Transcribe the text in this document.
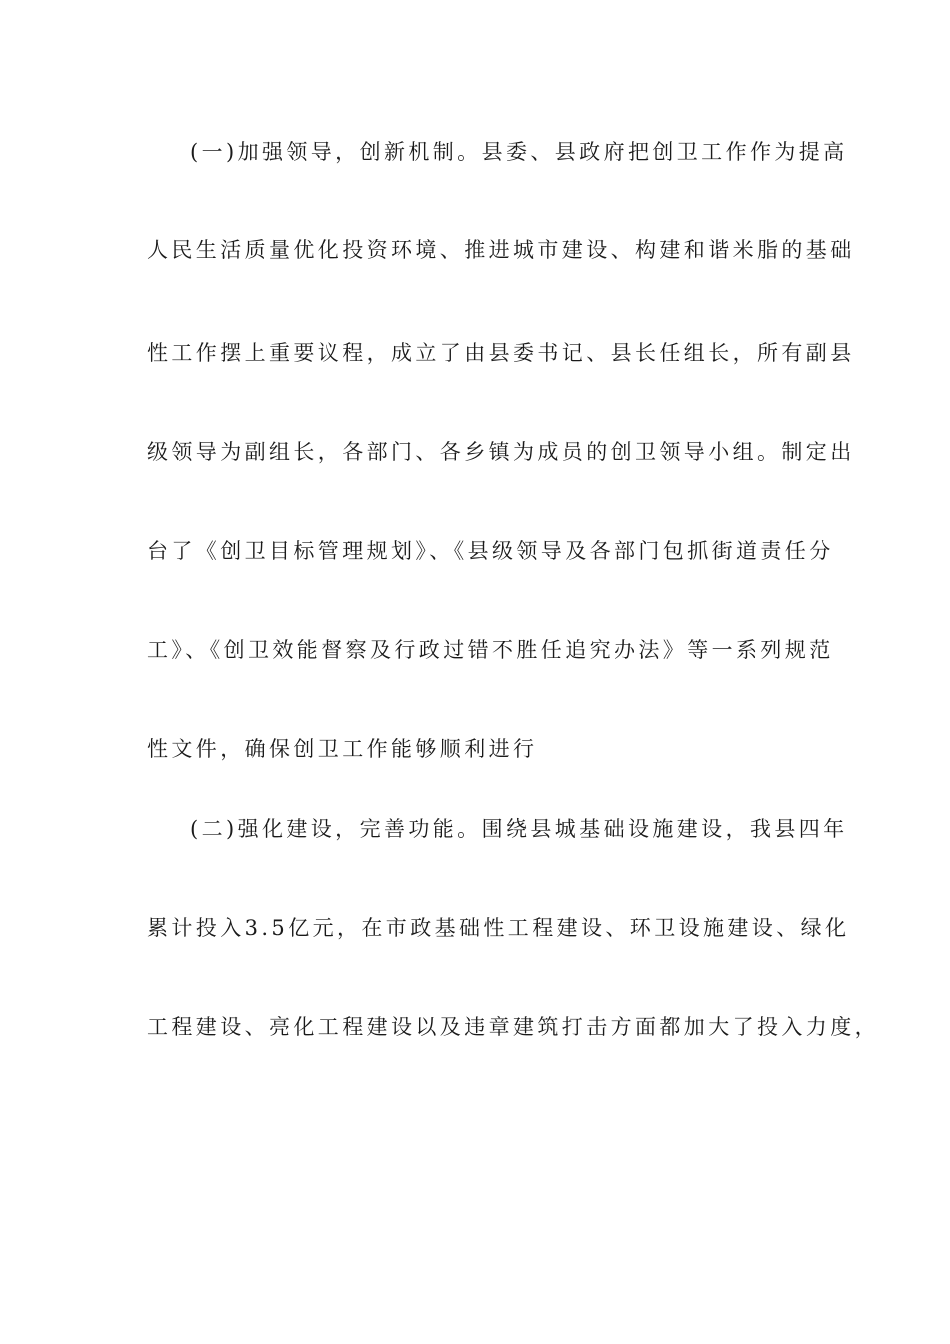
(一)加强领导，创新机制。县委、县政府把创卫工作作为提高
人民生活质量优化投资环境、推进城市建设、构建和谐米脂的基础
性工作摆上重要议程，成立了由县委书记、县长任组长，所有副县
级领导为副组长，各部门、各乡镇为成员的创卫领导小组。制定出
台了《创卫目标管理规划》、《县级领导及各部门包抓街道责任分
工》、《创卫效能督察及行政过错不胜任追究办法》等一系列规范
性文件，确保创卫工作能够顺利进行
(二)强化建设，完善功能。围绕县城基础设施建设，我县四年
累计投入3.5亿元，在市政基础性工程建设、环卫设施建设、绿化
工程建设、亮化工程建设以及违章建筑打击方面都加大了投入力度，
